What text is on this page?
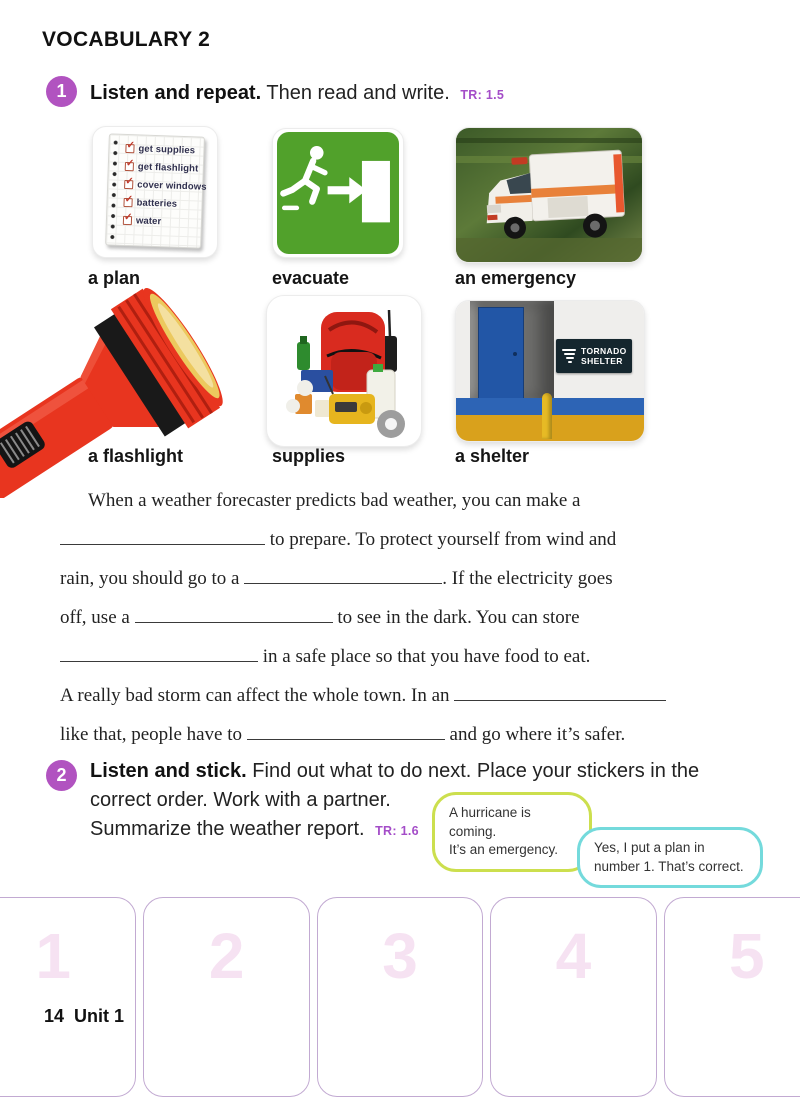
VOCABULARY 2
1	Listen and repeat. Then read and write. TR: 1.5
✓
get supplies
✓
get flashlight
✓
cover windows
✓
batteries
✓
water
a plan	evacuate	an emergency
TORNADO
SHELTER
a flashlight	supplies	a shelter
When a weather forecaster predicts bad weather, you can make a
to prepare. To protect yourself from wind and
rain, you should go to a	. If the electricity goes
off, use a	to see in the dark. You can store
in a safe place so that you have food to eat.
A really bad storm can affect the whole town. In an
like that, people have to	and go where it’s safer.
2	Listen and stick. Find out what to do next. Place your stickers in the
correct order. Work with a partner.
Summarize the weather report. TR: 1.6
A hurricane is coming.
It’s an emergency.	Yes, I put a plan in
number 1. That’s correct.
1 2 3 4 5
14 Unit 1
